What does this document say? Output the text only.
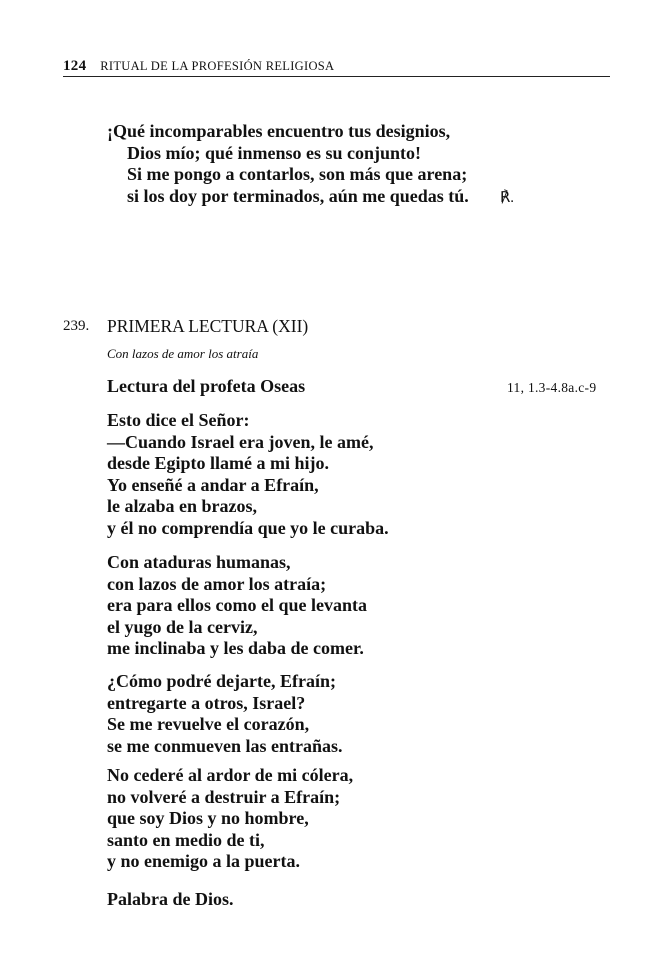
124 RITUAL DE LA PROFESIÓN RELIGIOSA
¡Qué incomparables encuentro tus designios,
Dios mío; qué inmenso es su conjunto!
Si me pongo a contarlos, son más que arena;
si los doy por terminados, aún me quedas tú. ℟.
239. PRIMERA LECTURA (XII)
Con lazos de amor los atraía
Lectura del profeta Oseas	11, 1.3-4.8a.c-9
Esto dice el Señor:
—Cuando Israel era joven, le amé,
desde Egipto llamé a mi hijo.
Yo enseñé a andar a Efraín,
le alzaba en brazos,
y él no comprendía que yo le curaba.
Con ataduras humanas,
con lazos de amor los atraía;
era para ellos como el que levanta
el yugo de la cerviz,
me inclinaba y les daba de comer.
¿Cómo podré dejarte, Efraín;
entregarte a otros, Israel?
Se me revuelve el corazón,
se me conmueven las entrañas.
No cederé al ardor de mi cólera,
no volveré a destruir a Efraín;
que soy Dios y no hombre,
santo en medio de ti,
y no enemigo a la puerta.
Palabra de Dios.
